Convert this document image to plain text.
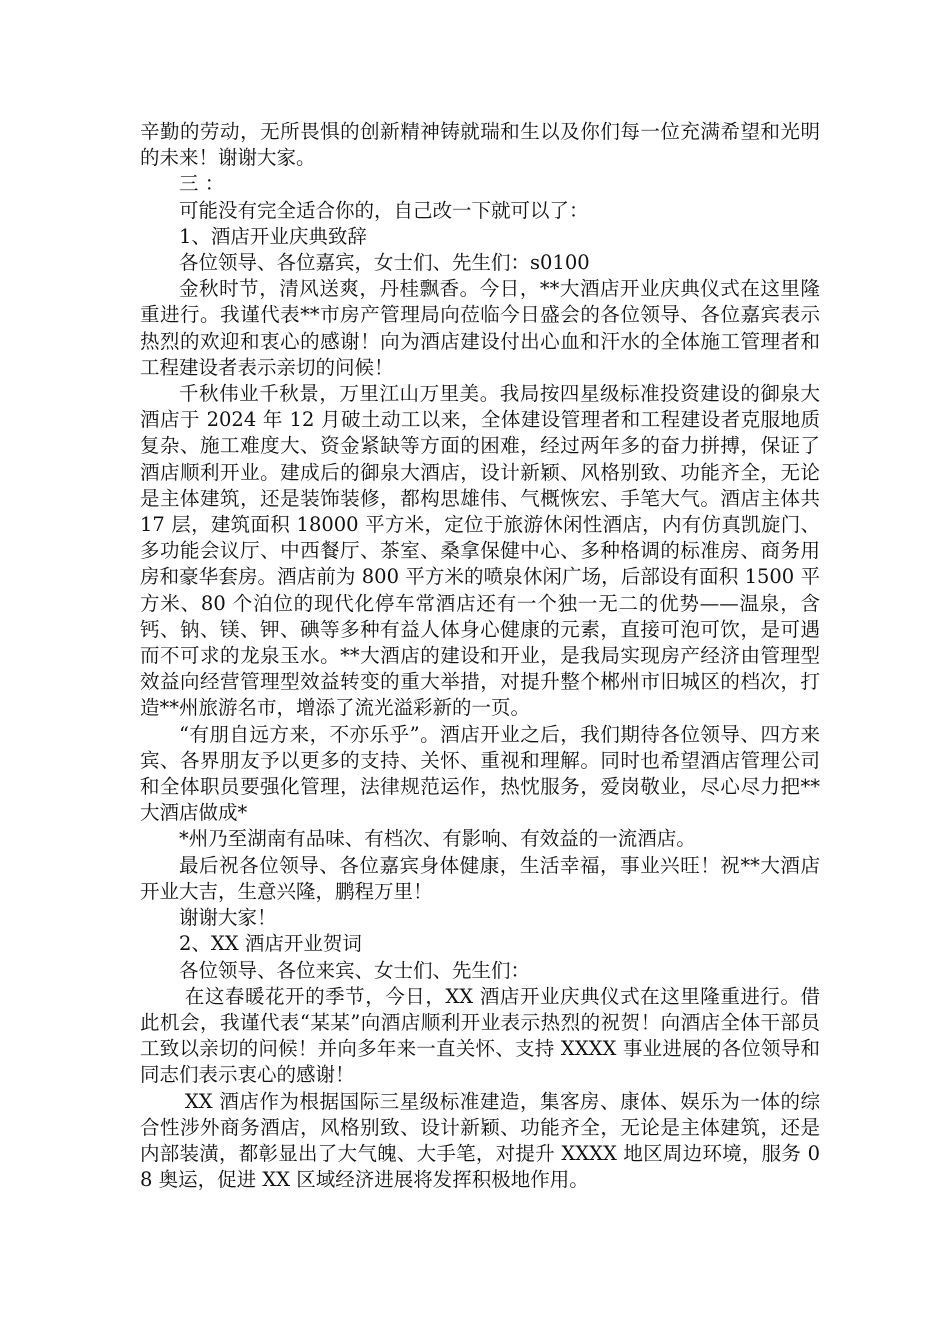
辛勤的劳动，无所畏惧的创新精神铸就瑞和生以及你们每一位充满希望和光明的未来！谢谢大家。

三 ：

可能没有完全适合你的，自己改一下就可以了：

1、酒店开业庆典致辞

各位领导、各位嘉宾，女士们、先生们：s0100

金秋时节，清风送爽，丹桂飘香。今日，**大酒店开业庆典仪式在这里隆重进行。我谨代表**市房产管理局向莅临今日盛会的各位领导、各位嘉宾表示热烈的欢迎和衷心的感谢！向为酒店建设付出心血和汗水的全体施工管理者和工程建设者表示亲切的问候！

千秋伟业千秋景，万里江山万里美。我局按四星级标准投资建设的御泉大酒店于 2024 年 12 月破土动工以来，全体建设管理者和工程建设者克服地质复杂、施工难度大、资金紧缺等方面的困难，经过两年多的奋力拼搏，保证了酒店顺利开业。建成后的御泉大酒店，设计新颖、风格别致、功能齐全，无论是主体建筑，还是装饰装修，都构思雄伟、气概恢宏、手笔大气。酒店主体共 17 层，建筑面积 18000 平方米，定位于旅游休闲性酒店，内有仿真凯旋门、多功能会议厅、中西餐厅、茶室、桑拿保健中心、多种格调的标准房、商务用房和豪华套房。酒店前为 800 平方米的喷泉休闲广场，后部设有面积 1500 平方米、80 个泊位的现代化停车常酒店还有一个独一无二的优势——温泉，含钙、钠、镁、钾、碘等多种有益人体身心健康的元素，直接可泡可饮，是可遇而不可求的龙泉玉水。**大酒店的建设和开业，是我局实现房产经济由管理型效益向经营管理型效益转变的重大举措，对提升整个郴州市旧城区的档次，打造**州旅游名市，增添了流光溢彩新的一页。

“有朋自远方来，不亦乐乎”。酒店开业之后，我们期待各位领导、四方来宾、各界朋友予以更多的支持、关怀、重视和理解。同时也希望酒店管理公司和全体职员要强化管理，法律规范运作，热忱服务，爱岗敬业，尽心尽力把**大酒店做成*

*州乃至湖南有品味、有档次、有影响、有效益的一流酒店。

最后祝各位领导、各位嘉宾身体健康，生活幸福，事业兴旺！祝**大酒店开业大吉，生意兴隆，鹏程万里！

谢谢大家！

2、XX 酒店开业贺词

各位领导、各位来宾、女士们、先生们：

在这春暖花开的季节，今日，XX 酒店开业庆典仪式在这里隆重进行。借此机会，我谨代表“某某”向酒店顺利开业表示热烈的祝贺！向酒店全体干部员工致以亲切的问候！并向多年来一直关怀、支持 XXXX 事业进展的各位领导和同志们表示衷心的感谢！

XX 酒店作为根据国际三星级标准建造，集客房、康体、娱乐为一体的综合性涉外商务酒店，风格别致、设计新颖、功能齐全，无论是主体建筑，还是内部装潢，都彰显出了大气魄、大手笔，对提升 XXXX 地区周边环境，服务 08 奥运，促进 XX 区域经济进展将发挥积极地作用。
